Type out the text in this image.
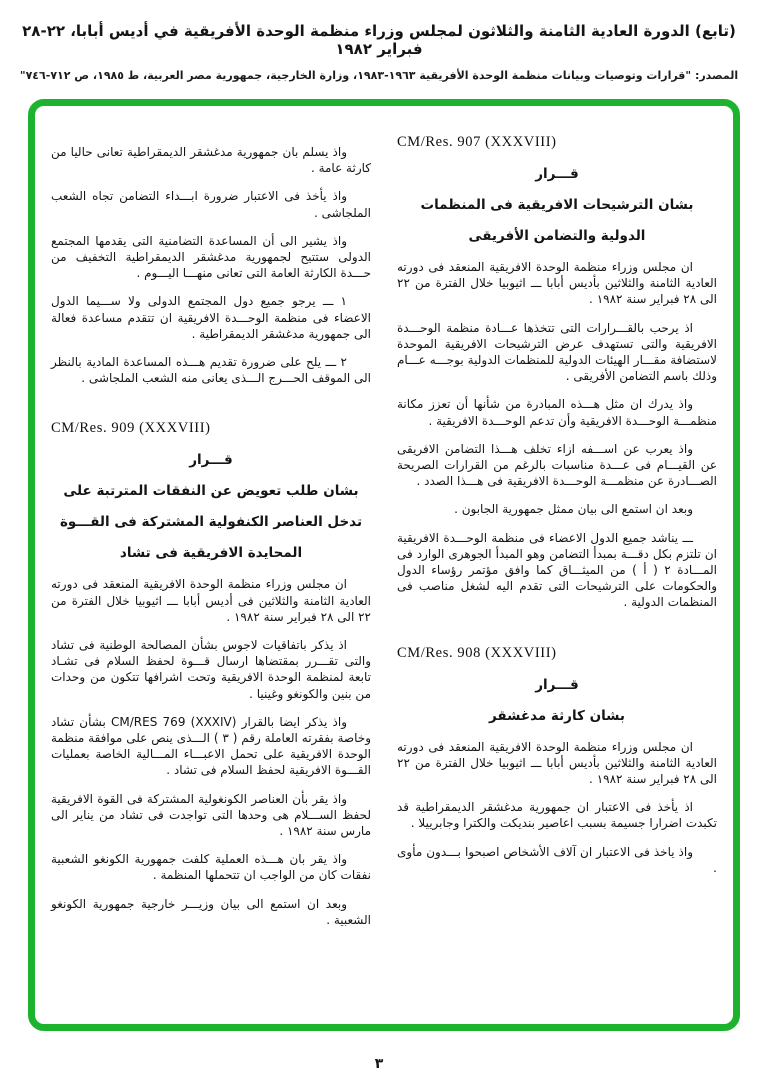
(تابع) الدورة العادية الثامنة والثلاثون لمجلس وزراء منظمة الوحدة الأفريقية في أديس أبابا، ٢٢-٢٨ فبراير ١٩٨٢
المصدر: "قرارات وتوصيات وبيانات منظمة الوحدة الأفريقية ١٩٦٣-١٩٨٣، وزارة الخارجية، جمهورية مصر العربية، ط ١٩٨٥، ص ٧١٢-٧٤٦"
CM/Res. 907 (XXXVIII)
قـــرار
بشان الترشيحات الافريقية فى المنظمات
الدولية والتضامن الأفريقى
ان مجلس وزراء منظمة الوحدة الافريقية المنعقد فى دورته العادية الثامنة والثلاثين بأديس أبابا ـــ اثيوبيا خلال الفترة من ٢٢ الى ٢٨ فبراير سنة ١٩٨٢ .
اذ يرحب بالقـــرارات التى تتخذها عـــادة منظمة الوحـــدة الافريقية والتى تستهدف عرض الترشيحات الافريقية الموحدة لاستضافة مقـــار الهيئات الدولية للمنظمات الدولية بوجـــه عـــام وذلك باسم التضامن الأفريقى .
واذ يدرك ان مثل هـــذه المبادرة من شأنها أن تعزز مكانة منظمـــة الوحـــدة الافريقية وأن تدعم الوحـــدة الافريقية .
واذ يعرب عن اســـفه ازاء تخلف هـــذا التضامن الافريقى عن القيـــام فى عـــدة مناسبات بالرغم من القرارات الصريحة الصـــادرة عن منظمـــة الوحـــدة الافريقية فى هـــذا الصدد .
وبعد ان استمع الى بيان ممثل جمهورية الجابون .
ـــ يناشد جميع الدول الاعضاء فى منظمة الوحـــدة الافريقية ان تلتزم بكل دقـــة بمبدأ التضامن وهو المبدأ الجوهرى الوارد فى المـــادة ٢ ( أ ) من الميثـــاق كما وافق مؤتمر رؤساء الدول والحكومات على الترشيحات التى تقدم اليه لشغل مناصب فى المنظمات الدولية .
CM/Res. 908 (XXXVIII)
قـــرار
بشان كارثة مدغشقر
ان مجلس وزراء منظمة الوحدة الافريقية المنعقد فى دورته العادية الثامنة والثلاثين بأديس أبابا ـــ اثيوبيا خلال الفترة من ٢٢ الى ٢٨ فبراير سنة ١٩٨٢ .
اذ يأخذ فى الاعتبار ان جمهورية مدغشقر الديمقراطية قد تكبدت اضرارا جسيمة بسبب اعاصير بنديكت والكترا وجابرييلا .
واذ ياخذ فى الاعتبار ان آلاف الأشخاص اصبحوا بـــدون مأوى .
واذ يسلم بان جمهورية مدغشقر الديمقراطية تعانى حاليا من كارثة عامة .
واذ يأخذ فى الاعتبار ضرورة ابـــداء التضامن تجاه الشعب الملجاشى .
واذ يشير الى أن المساعدة التضامنية التى يقدمها المجتمع الدولى ستتيح لجمهورية مدغشقر الديمقراطية التخفيف من حـــدة الكارثة العامة التى تعانى منهـــا اليـــوم .
١ ـــ يرجو جميع دول المجتمع الدولى ولا ســـيما الدول الاعضاء فى منظمة الوحـــدة الافريقية ان تتقدم مساعدة فعالة الى جمهورية مدغشقر الديمقراطية .
٢ ـــ يلح على ضرورة تقديم هـــذه المساعدة المادية بالنظر الى الموقف الحـــرج الـــذى يعانى منه الشعب الملجاشى .
CM/Res. 909 (XXXVIII)
قـــرار
بشان طلب تعويض عن النفقات المترتبة على
تدخل العناصر الكنفولية المشتركة فى القـــوة
المحايدة الافريقية فى تشاد
ان مجلس وزراء منظمة الوحدة الافريقية المنعقد فى دورته العادية الثامنة والثلاثين فى أديس أبابا ـــ اثيوبيا خلال الفترة من ٢٢ الى ٢٨ فبراير سنة ١٩٨٢ .
اذ يذكر باتفاقيات لاجوس بشأن المصالحة الوطنية فى تشاد والتى تقـــرر بمقتضاها ارسال قـــوة لحفظ السلام فى تشـاد تابعة لمنظمة الوحدة الافريقية وتحت اشرافها تتكون من وحدات من بنين والكونغو وغينيا .
واذ يذكر ايضا بالقرار CM/RES 769 (XXXIV) بشأن تشاد وخاصة بفقرته العاملة رقم ( ٣ ) الـــذى ينص على موافقة منظمة الوحدة الافريقية على تحمل الاعبـــاء المـــالية الخاصة بعمليات القـــوة الافريقية لحفظ السلام فى تشاد .
واذ يقر بأن العناصر الكونغولية المشتركة فى القوة الافريقية لحفظ الســـلام هى وحدها التى تواجدت فى تشاد من يناير الى مارس سنة ١٩٨٢ .
واذ يقر بان هـــذه العملية كلفت جمهورية الكونغو الشعبية نفقات كان من الواجب ان تتحملها المنظمة .
وبعد ان استمع الى بيان وزيـــر خارجية جمهورية الكونغو الشعبية .
٣
